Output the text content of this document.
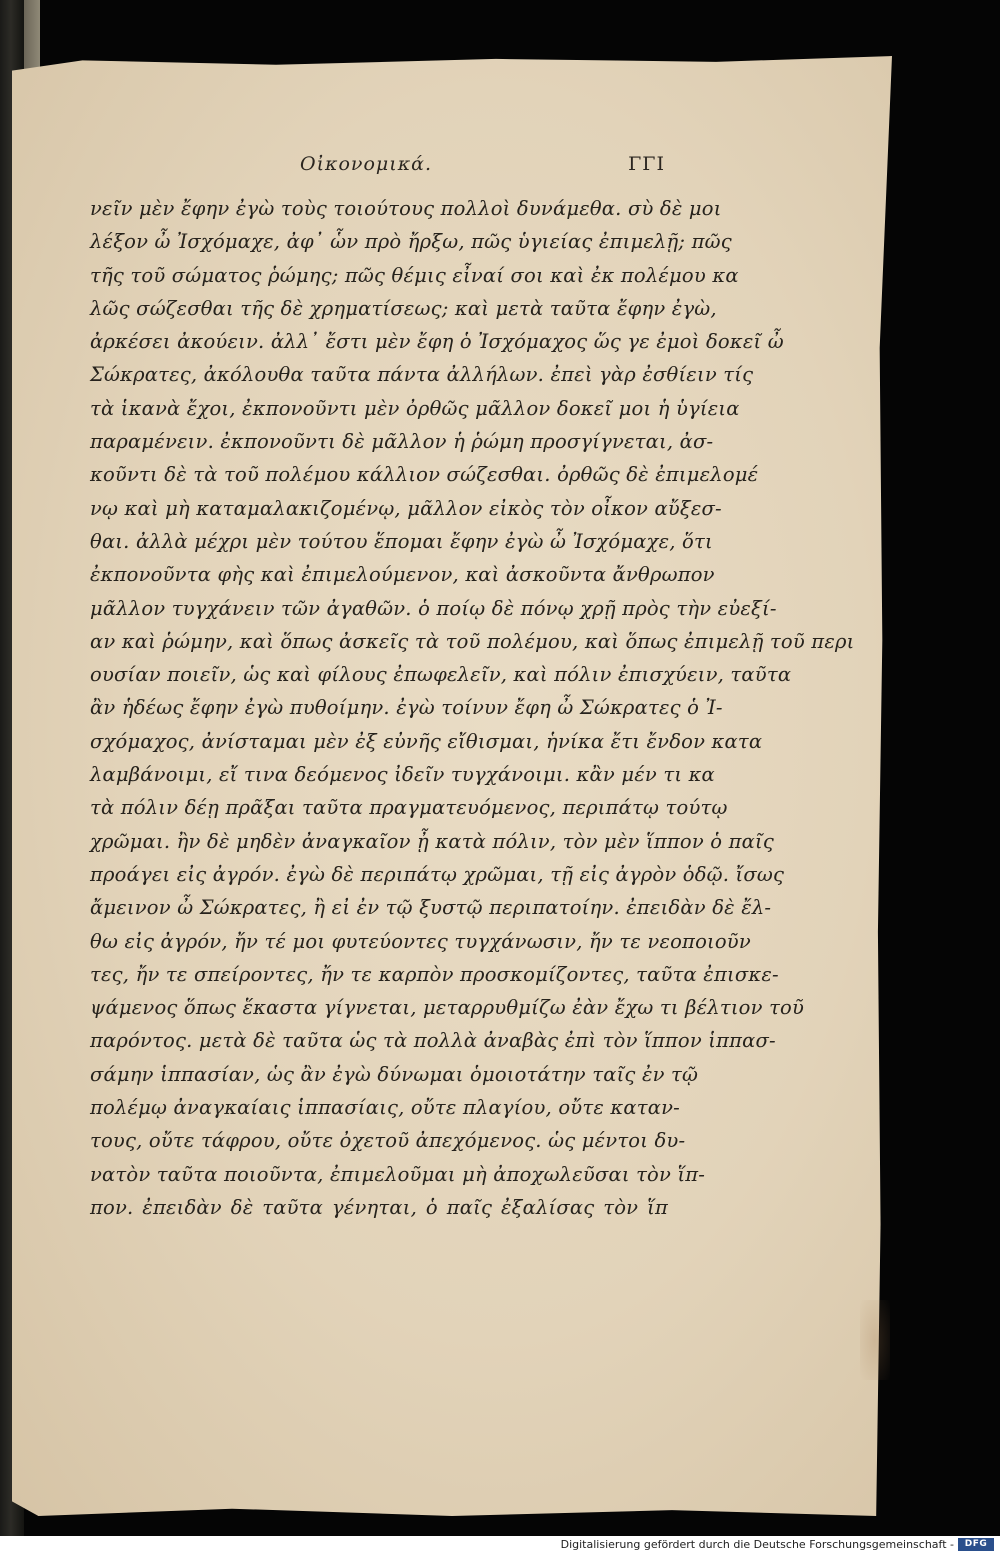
Οἰκονομικά.	ΓΓΙ
νεῖν μὲν ἔφην ἐγὼ τοὺς τοιούτους πολλοὶ δυνάμεθα. σὺ δὲ μοι
λέξον ὦ Ἰσχόμαχε, ἀφ᾽ ὧν πρὸ ἤρξω, πῶς ὑγιείας ἐπιμελῇ; πῶς
τῆς τοῦ σώματος ῥώμης; πῶς θέμις εἶναί σοι καὶ ἐκ πολέμου κα
λῶς σώζεσθαι τῆς δὲ χρηματίσεως; καὶ μετὰ ταῦτα ἔφην ἐγὼ,
ἀρκέσει ἀκούειν. ἀλλ᾽ ἔστι μὲν ἔφη ὁ Ἰσχόμαχος ὥς γε ἐμοὶ δοκεῖ ὦ
Σώκρατες, ἀκόλουθα ταῦτα πάντα ἀλλήλων. ἐπεὶ γὰρ ἐσθίειν τίς
τὰ ἱκανὰ ἔχοι, ἐκπονοῦντι μὲν ὀρθῶς μᾶλλον δοκεῖ μοι ἡ ὑγίεια
παραμένειν. ἐκπονοῦντι δὲ μᾶλλον ἡ ῥώμη προσγίγνεται, ἀσ-
κοῦντι δὲ τὰ τοῦ πολέμου κάλλιον σώζεσθαι. ὀρθῶς δὲ ἐπιμελομέ
νῳ καὶ μὴ καταμαλακιζομένῳ, μᾶλλον εἰκὸς τὸν οἶκον αὔξεσ-
θαι. ἀλλὰ μέχρι μὲν τούτου ἕπομαι ἔφην ἐγὼ ὦ Ἰσχόμαχε, ὅτι
ἐκπονοῦντα φὴς καὶ ἐπιμελούμενον, καὶ ἀσκοῦντα ἄνθρωπον
μᾶλλον τυγχάνειν τῶν ἀγαθῶν. ὁ ποίῳ δὲ πόνῳ χρῇ πρὸς τὴν εὐεξί-
αν καὶ ῥώμην, καὶ ὅπως ἀσκεῖς τὰ τοῦ πολέμου, καὶ ὅπως ἐπιμελῇ τοῦ περι
ουσίαν ποιεῖν, ὡς καὶ φίλους ἐπωφελεῖν, καὶ πόλιν ἐπισχύειν, ταῦτα
ἂν ἡδέως ἔφην ἐγὼ πυθοίμην. ἐγὼ τοίνυν ἔφη ὦ Σώκρατες ὁ Ἰ-
σχόμαχος, ἀνίσταμαι μὲν ἐξ εὐνῆς εἴθισμαι, ἡνίκα ἔτι ἔνδον κατα
λαμβάνοιμι, εἴ τινα δεόμενος ἰδεῖν τυγχάνοιμι. κἂν μέν τι κα
τὰ πόλιν δέῃ πρᾶξαι ταῦτα πραγματευόμενος, περιπάτῳ τούτῳ
χρῶμαι. ἢν δὲ μηδὲν ἀναγκαῖον ᾖ κατὰ πόλιν, τὸν μὲν ἵππον ὁ παῖς
προάγει εἰς ἀγρόν. ἐγὼ δὲ περιπάτῳ χρῶμαι, τῇ εἰς ἀγρὸν ὁδῷ. ἴσως
ἄμεινον ὦ Σώκρατες, ἢ εἰ ἐν τῷ ξυστῷ περιπατοίην. ἐπειδὰν δὲ ἔλ-
θω εἰς ἀγρόν, ἤν τέ μοι φυτεύοντες τυγχάνωσιν, ἤν τε νεοποιοῦν
τες, ἤν τε σπείροντες, ἤν τε καρπὸν προσκομίζοντες, ταῦτα ἐπισκε-
ψάμενος ὅπως ἕκαστα γίγνεται, μεταρρυθμίζω ἐὰν ἔχω τι βέλτιον τοῦ
παρόντος. μετὰ δὲ ταῦτα ὡς τὰ πολλὰ ἀναβὰς ἐπὶ τὸν ἵππον ἱππασ-
σάμην ἱππασίαν, ὡς ἂν ἐγὼ δύνωμαι ὁμοιοτάτην ταῖς ἐν τῷ
πολέμῳ ἀναγκαίαις ἱππασίαις, οὔτε πλαγίου, οὔτε καταν-
τους, οὔτε τάφρου, οὔτε ὀχετοῦ ἀπεχόμενος. ὡς μέντοι δυ-
νατὸν ταῦτα ποιοῦντα, ἐπιμελοῦμαι μὴ ἀποχωλεῦσαι τὸν ἵπ-
πον. ἐπειδὰν δὲ ταῦτα γένηται, ὁ παῖς ἐξαλίσας τὸν ἵπ
Digitalisierung gefördert durch die Deutsche Forschungsgemeinschaft -	DFG
